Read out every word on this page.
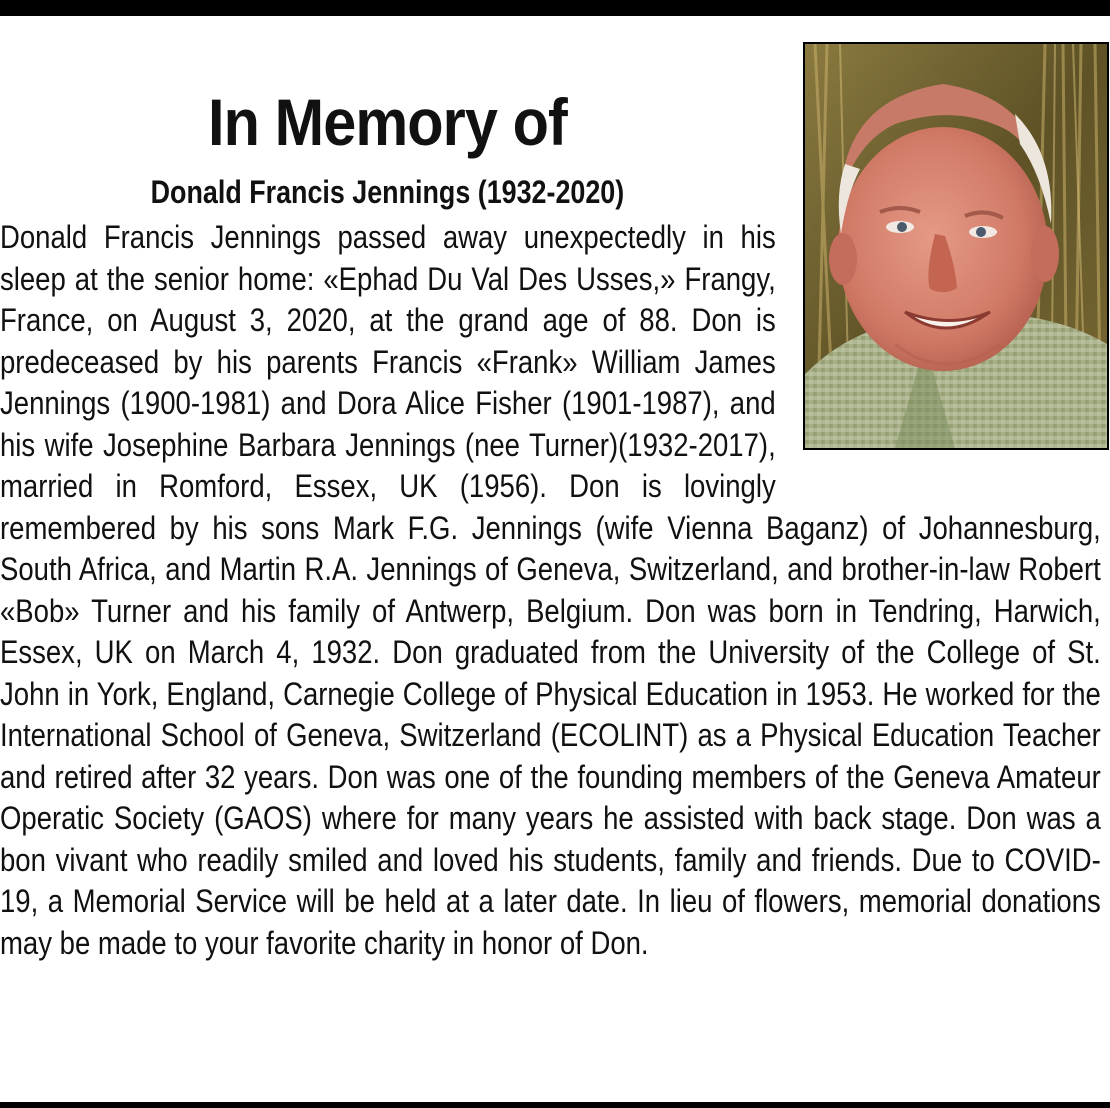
In Memory of
Donald Francis Jennings (1932-2020)
Donald Francis Jennings passed away unexpectedly in his sleep at the senior home: «Ephad Du Val Des Usses,» Frangy, France, on August 3, 2020, at the grand age of 88. Don is predeceased by his parents Francis «Frank» William James Jennings (1900-1981) and Dora Alice Fisher (1901-1987), and his wife Josephine Barbara Jennings (nee Turner)(1932-2017), married in Romford, Essex, UK (1956). Don is lovingly remembered by his sons Mark F.G. Jennings (wife Vienna Baganz) of Johannesburg, South Africa, and Martin R.A. Jennings of Geneva, Switzerland, and brother-in-law Robert «Bob» Turner and his family of Antwerp, Belgium. Don was born in Tendring, Harwich, Essex, UK on March 4, 1932. Don graduated from the University of the College of St. John in York, England, Carnegie College of Physical Education in 1953. He worked for the International School of Geneva, Switzerland (ECOLINT) as a Physical Education Teacher and retired after 32 years. Don was one of the founding members of the Geneva Amateur Operatic Society (GAOS) where for many years he assisted with back stage. Don was a bon vivant who readily smiled and loved his students, family and friends. Due to COVID-19, a Memorial Service will be held at a later date. In lieu of flowers, memorial donations may be made to your favorite charity in honor of Don.
